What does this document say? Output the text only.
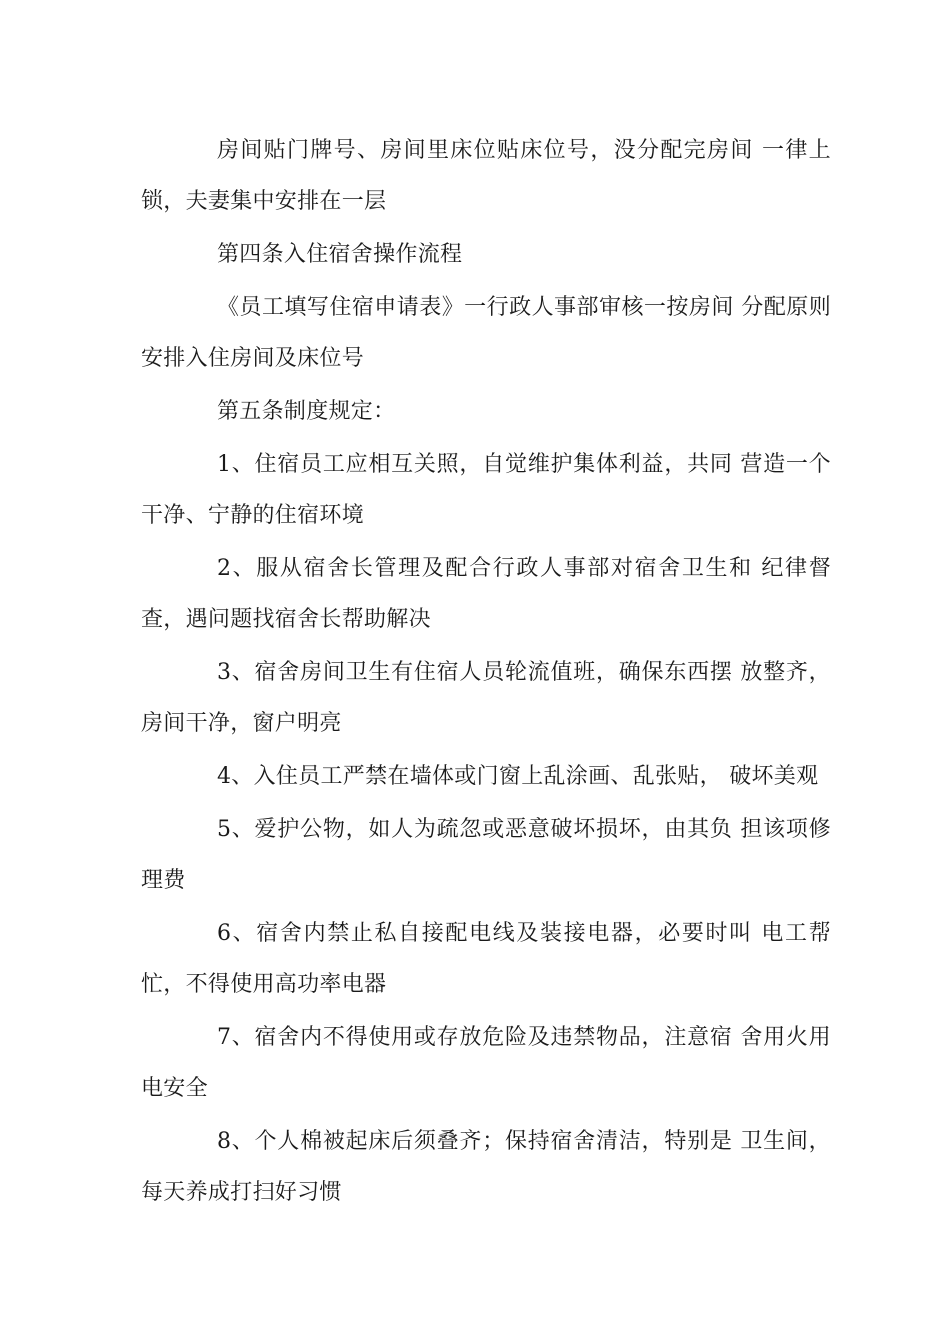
房间贴门牌号、房间里床位贴床位号，没分配完房间 一律上锁，夫妻集中安排在一层

第四条入住宿舍操作流程

《员工填写住宿申请表》一行政人事部审核一按房间 分配原则安排入住房间及床位号

第五条制度规定：

1、住宿员工应相互关照，自觉维护集体利益，共同 营造一个干净、宁静的住宿环境

2、服从宿舍长管理及配合行政人事部对宿舍卫生和 纪律督查，遇问题找宿舍长帮助解决

3、宿舍房间卫生有住宿人员轮流值班，确保东西摆 放整齐，房间干净，窗户明亮

4、入住员工严禁在墙体或门窗上乱涂画、乱张贴， 破坏美观

5、爱护公物，如人为疏忽或恶意破坏损坏，由其负 担该项修理费

6、宿舍内禁止私自接配电线及装接电器，必要时叫 电工帮忙，不得使用高功率电器

7、宿舍内不得使用或存放危险及违禁物品，注意宿 舍用火用电安全

8、个人棉被起床后须叠齐；保持宿舍清洁，特别是 卫生间，每天养成打扫好习惯
